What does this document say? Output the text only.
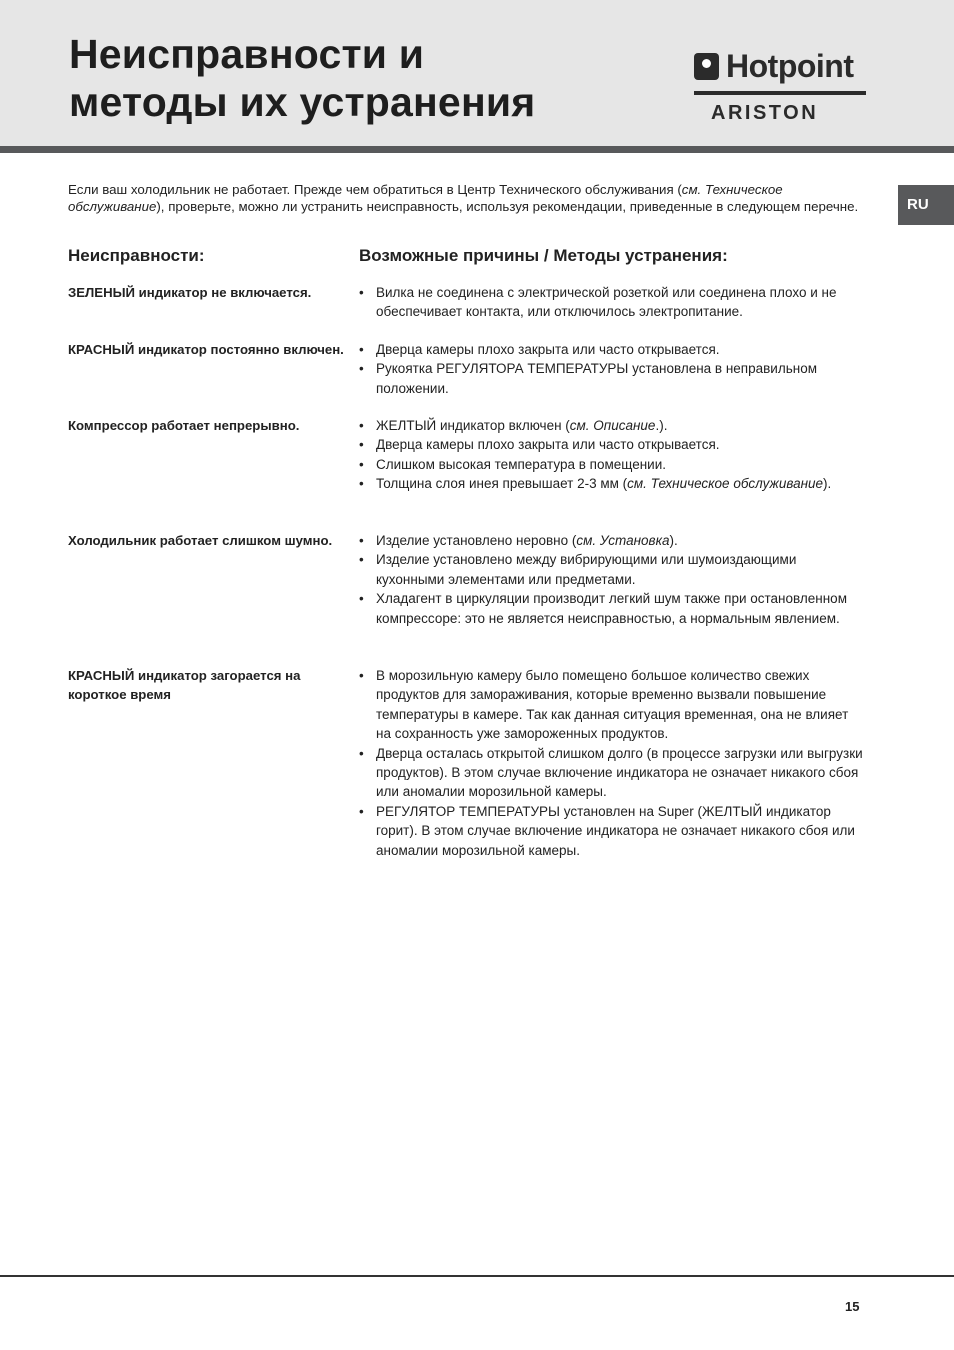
Неисправности и
методы их устранения
Hotpoint
ARISTON
RU

Если ваш холодильник не работает. Прежде чем обратиться в Центр Технического обслуживания (см. Техническое обслуживание), проверьте, можно ли устранить неисправность, используя рекомендации, приведенные в следующем перечне.

Неисправности:	Возможные причины / Методы устранения:
ЗЕЛЕНЫЙ индикатор не включается.	• Вилка не соединена с электрической розеткой или соединена плохо и не обеспечивает контакта, или отключилось электропитание.
КРАСНЫЙ индикатор постоянно включен.	• Дверца камеры плохо закрыта или часто открывается.
• Рукоятка РЕГУЛЯТОРА ТЕМПЕРАТУРЫ установлена в неправильном положении.
Компрессор работает непрерывно.	• ЖЕЛТЫЙ индикатор включен (см. Описание.).
• Дверца камеры плохо закрыта или часто открывается.
• Слишком высокая температура в помещении.
• Толщина слоя инея превышает 2-3 мм (см. Техническое обслуживание).
Холодильник работает слишком шумно.	• Изделие установлено неровно (см. Установка).
• Изделие установлено между вибрирующими или шумоиздающими кухонными элементами или предметами.
• Хладагент в циркуляции производит легкий шум также при остановленном компрессоре: это не является неисправностью, а нормальным явлением.
КРАСНЫЙ индикатор загорается на короткое время
• В морозильную камеру было помещено большое количество свежих продуктов для замораживания, которые временно вызвали повышение температуры в камере. Так как данная ситуация временная, она не влияет на сохранность уже замороженных продуктов.
• Дверца осталась открытой слишком долго (в процессе загрузки или выгрузки продуктов). В этом случае включение индикатора не означает никакого сбоя или аномалии морозильной камеры.
• РЕГУЛЯТОР ТЕМПЕРАТУРЫ установлен на Super (ЖЕЛТЫЙ индикатор горит). В этом случае включение индикатора не означает никакого сбоя или аномалии морозильной камеры.
15
